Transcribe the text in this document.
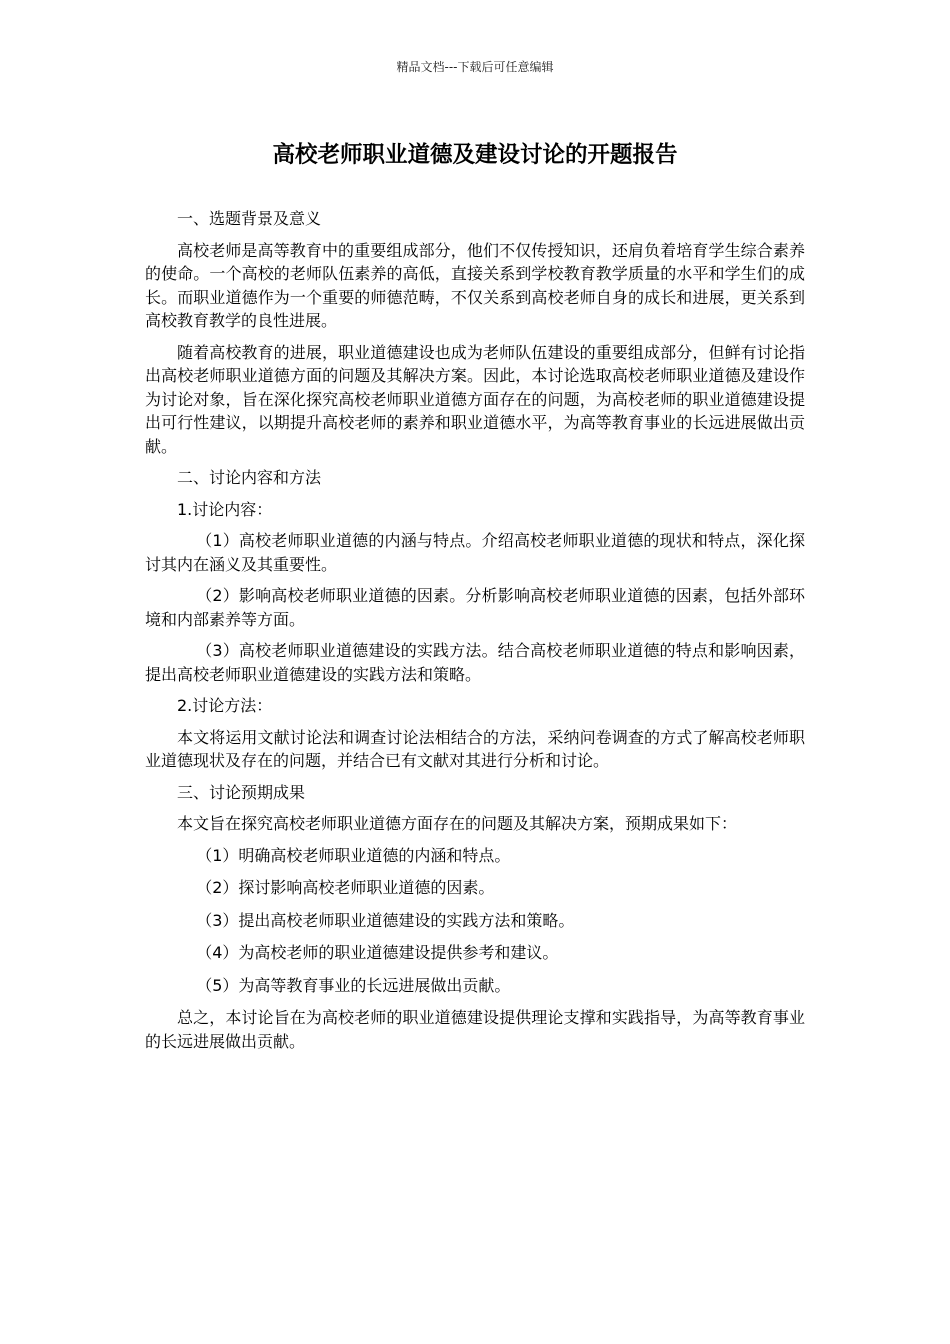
精品文档---下载后可任意编辑
高校老师职业道德及建设讨论的开题报告

一、选题背景及意义

高校老师是高等教育中的重要组成部分，他们不仅传授知识，还肩负着培育学生综合素养的使命。一个高校的老师队伍素养的高低，直接关系到学校教育教学质量的水平和学生们的成长。而职业道德作为一个重要的师德范畴，不仅关系到高校老师自身的成长和进展，更关系到高校教育教学的良性进展。

随着高校教育的进展，职业道德建设也成为老师队伍建设的重要组成部分，但鲜有讨论指出高校老师职业道德方面的问题及其解决方案。因此，本讨论选取高校老师职业道德及建设作为讨论对象，旨在深化探究高校老师职业道德方面存在的问题，为高校老师的职业道德建设提出可行性建议，以期提升高校老师的素养和职业道德水平，为高等教育事业的长远进展做出贡献。

二、讨论内容和方法

1.讨论内容：

（1）高校老师职业道德的内涵与特点。介绍高校老师职业道德的现状和特点，深化探讨其内在涵义及其重要性。

（2）影响高校老师职业道德的因素。分析影响高校老师职业道德的因素，包括外部环境和内部素养等方面。

（3）高校老师职业道德建设的实践方法。结合高校老师职业道德的特点和影响因素，提出高校老师职业道德建设的实践方法和策略。

2.讨论方法：

本文将运用文献讨论法和调查讨论法相结合的方法，采纳问卷调查的方式了解高校老师职业道德现状及存在的问题，并结合已有文献对其进行分析和讨论。

三、讨论预期成果

本文旨在探究高校老师职业道德方面存在的问题及其解决方案，预期成果如下：

（1）明确高校老师职业道德的内涵和特点。

（2）探讨影响高校老师职业道德的因素。

（3）提出高校老师职业道德建设的实践方法和策略。

（4）为高校老师的职业道德建设提供参考和建议。

（5）为高等教育事业的长远进展做出贡献。

总之，本讨论旨在为高校老师的职业道德建设提供理论支撑和实践指导，为高等教育事业的长远进展做出贡献。
